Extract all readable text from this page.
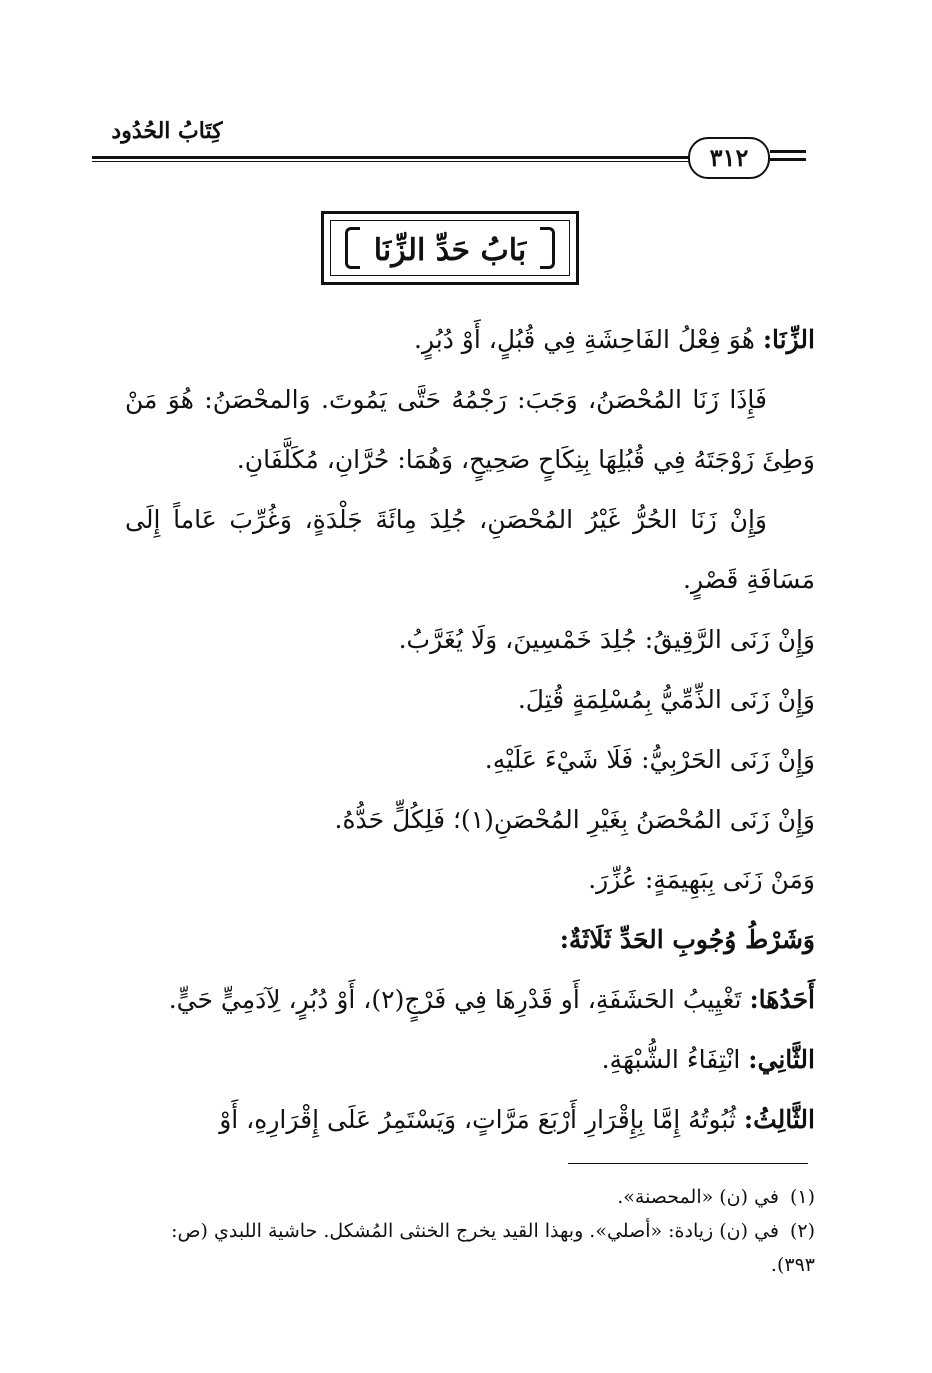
كِتَابُ الحُدُود
٣١٢
بَابُ حَدِّ الزِّنَا

الزِّنَا: هُوَ فِعْلُ الفَاحِشَةِ فِي قُبُلٍ، أَوْ دُبُرٍ.

فَإِذَا زَنَا المُحْصَنُ، وَجَبَ: رَجْمُهُ حَتَّى يَمُوتَ. وَالمحْصَنُ: هُوَ مَنْ وَطِئَ زَوْجَتَهُ فِي قُبُلِهَا بِنِكَاحٍ صَحِيحٍ، وَهُمَا: حُرَّانِ، مُكَلَّفَانِ.

وَإِنْ زَنَا الحُرُّ غَيْرُ المُحْصَنِ، جُلِدَ مِائَةَ جَلْدَةٍ، وَغُرِّبَ عَاماً إِلَى مَسَافَةِ قَصْرٍ.

وَإِنْ زَنَى الرَّقِيقُ: جُلِدَ خَمْسِينَ، وَلَا يُغَرَّبُ.

وَإِنْ زَنَى الذِّمِّيُّ بِمُسْلِمَةٍ قُتِلَ.

وَإِنْ زَنَى الحَرْبِيُّ: فَلَا شَيْءَ عَلَيْهِ.

وَإِنْ زَنَى المُحْصَنُ بِغَيْرِ المُحْصَنِ(١)؛ فَلِكُلٍّ حَدُّهُ.

وَمَنْ زَنَى بِبَهِيمَةٍ: عُزِّرَ.

وَشَرْطُ وُجُوبِ الحَدِّ ثَلَاثَةٌ:

أَحَدُهَا: تَغْيِيبُ الحَشَفَةِ، أَو قَدْرِهَا فِي فَرْجٍ(٢)، أَوْ دُبُرٍ، لِآدَمِيٍّ حَيٍّ.

الثَّانِي: انْتِفَاءُ الشُّبْهَةِ.

الثَّالِثُ: ثُبُوتُهُ إِمَّا بِإِقْرَارِ أَرْبَعَ مَرَّاتٍ، وَيَسْتَمِرُ عَلَى إِقْرَارِهِ، أَوْ

(١)في (ن) «المحصنة».

(٢)في (ن) زيادة: «أصلي». وبهذا القيد يخرج الخنثى المُشكل. حاشية اللبدي (ص: ٣٩٣).
